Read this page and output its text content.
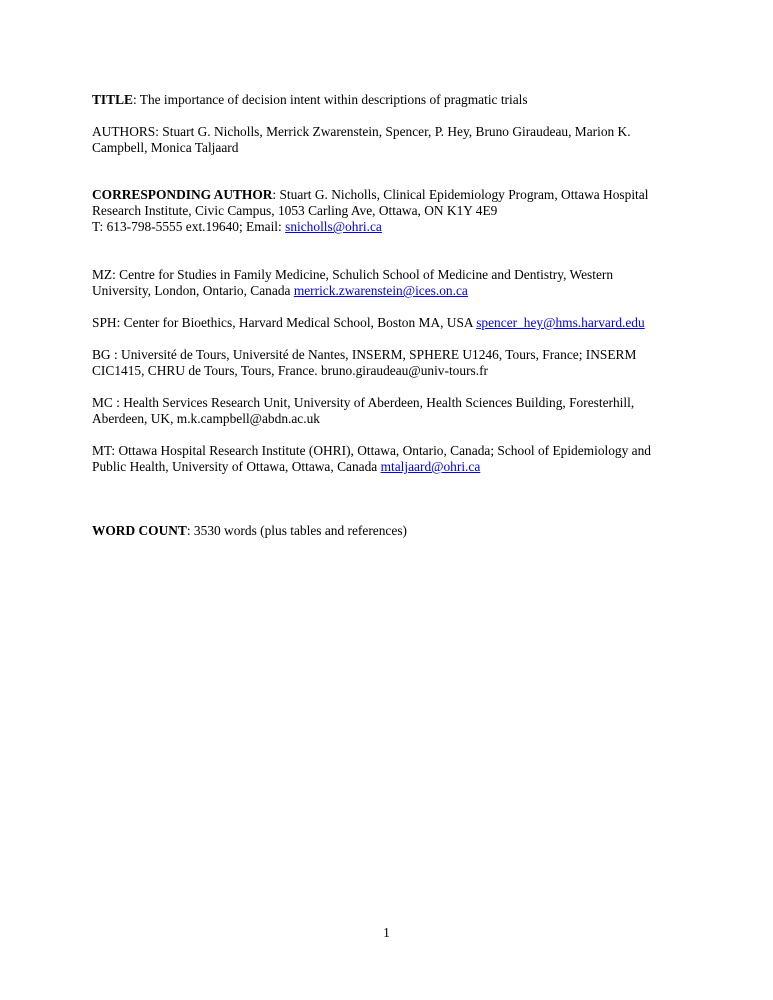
TITLE: The importance of decision intent within descriptions of pragmatic trials

AUTHORS: Stuart G. Nicholls, Merrick Zwarenstein, Spencer, P. Hey, Bruno Giraudeau, Marion K.
Campbell, Monica Taljaard

CORRESPONDING AUTHOR: Stuart G. Nicholls, Clinical Epidemiology Program, Ottawa Hospital
Research Institute, Civic Campus, 1053 Carling Ave, Ottawa, ON K1Y 4E9
T: 613-798-5555 ext.19640; Email: snicholls@ohri.ca

MZ: Centre for Studies in Family Medicine, Schulich School of Medicine and Dentistry, Western
University, London, Ontario, Canada merrick.zwarenstein@ices.on.ca

SPH: Center for Bioethics, Harvard Medical School, Boston MA, USA spencer_hey@hms.harvard.edu

BG : Université de Tours, Université de Nantes, INSERM, SPHERE U1246, Tours, France; INSERM
CIC1415, CHRU de Tours, Tours, France. bruno.giraudeau@univ-tours.fr

MC : Health Services Research Unit, University of Aberdeen, Health Sciences Building, Foresterhill,
Aberdeen, UK, m.k.campbell@abdn.ac.uk

MT: Ottawa Hospital Research Institute (OHRI), Ottawa, Ontario, Canada; School of Epidemiology and
Public Health, University of Ottawa, Ottawa, Canada mtaljaard@ohri.ca

WORD COUNT: 3530 words (plus tables and references)

1
